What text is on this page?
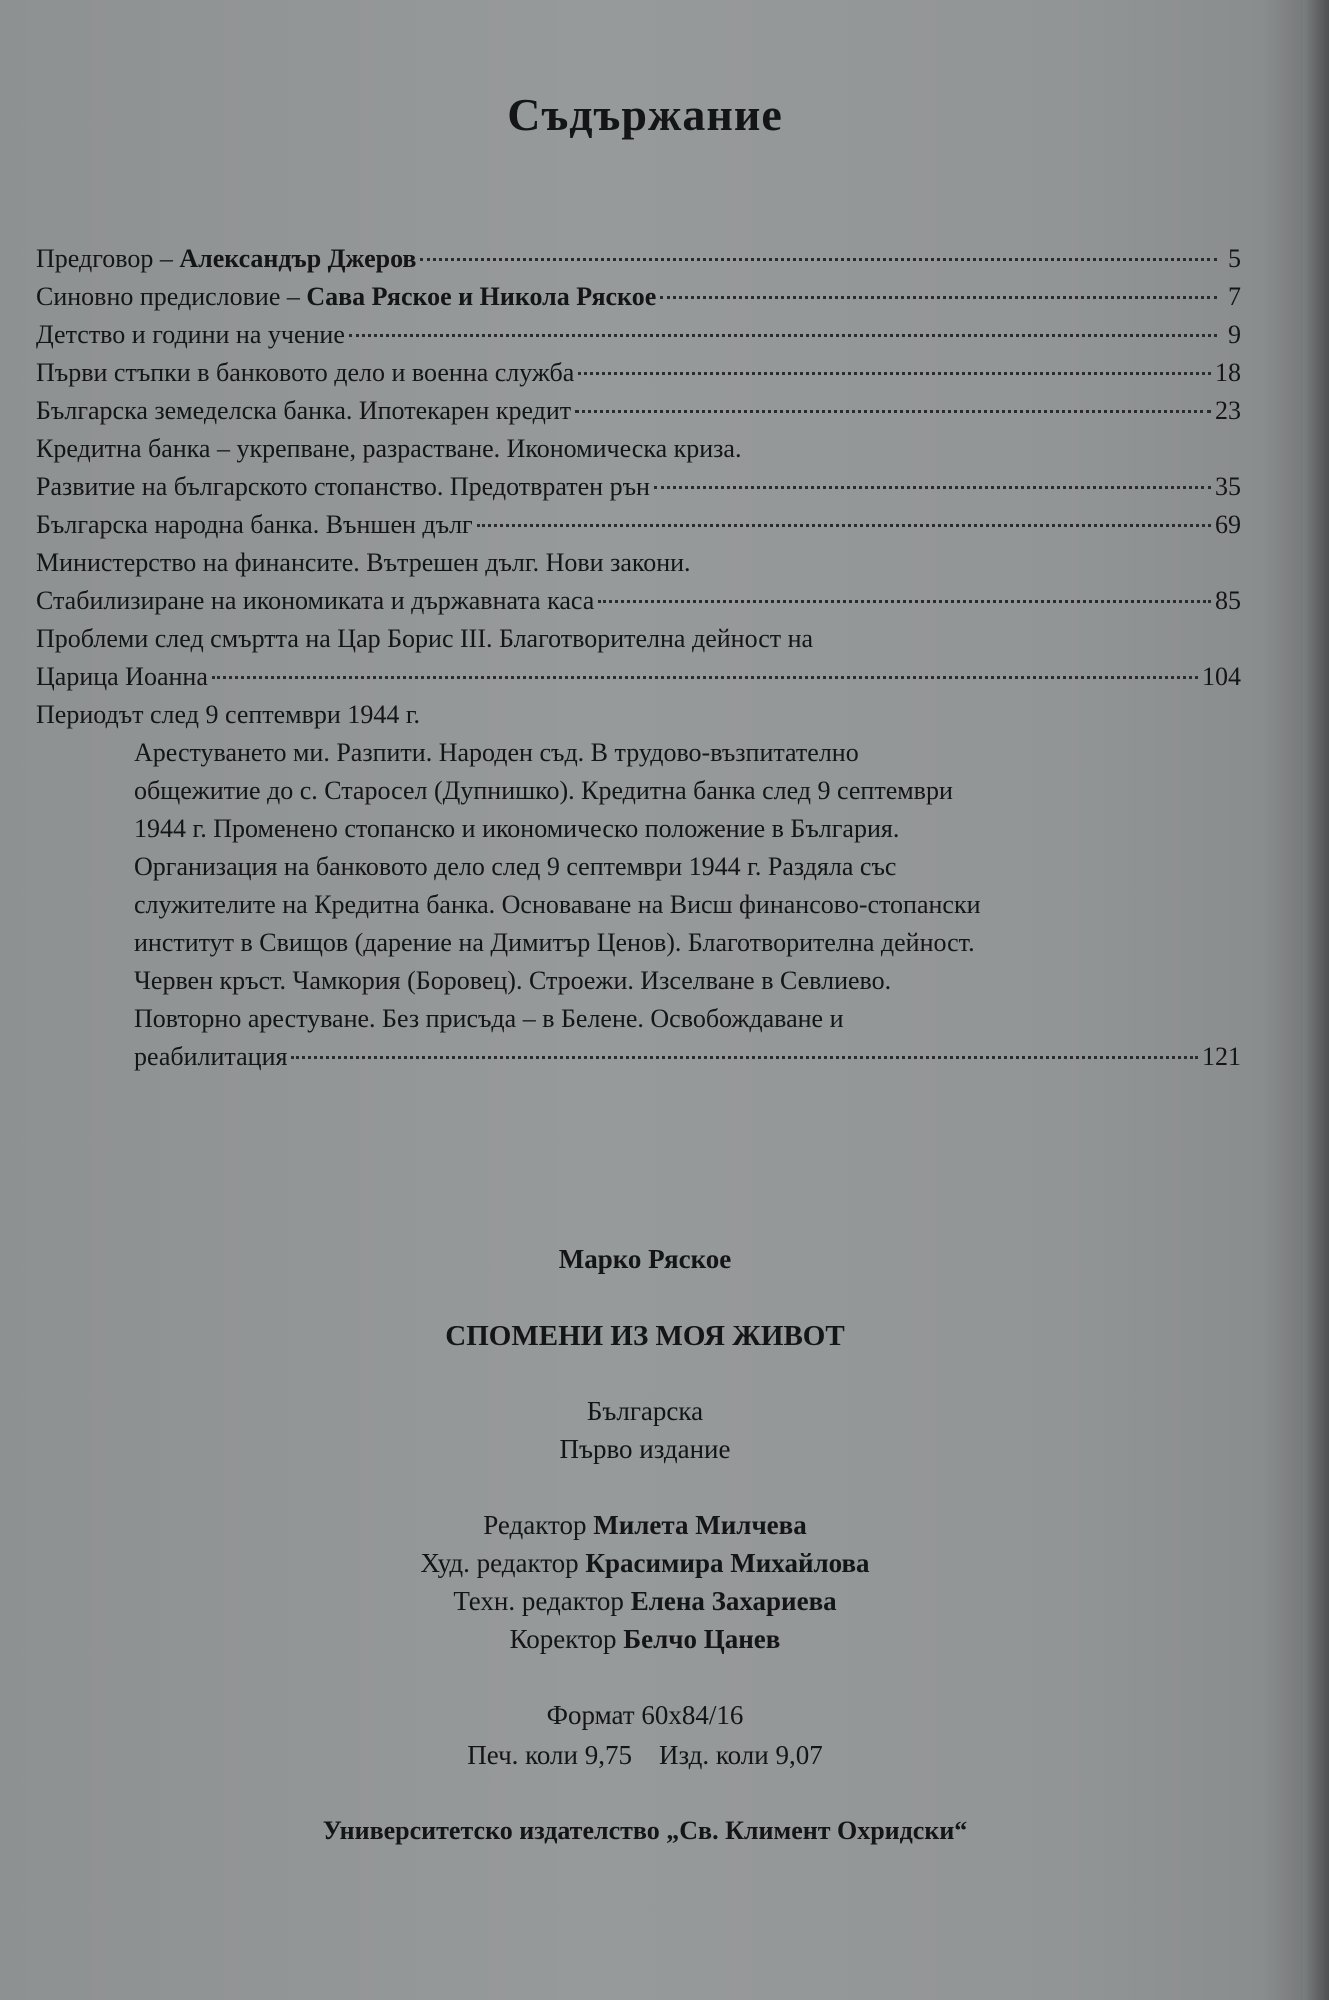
Съдържание
Предговор – Александър Джеров	5
Синовно предисловие – Сава Ряское и Никола Ряское	7
Детство и години на учение	9
Първи стъпки в банковото дело и военна служба	18
Българска земеделска банка. Ипотекарен кредит	23
Кредитна банка – укрепване, разрастване. Икономическа криза.
Развитие на българското стопанство. Предотвратен рън	35
Българска народна банка. Външен дълг	69
Министерство на финансите. Вътрешен дълг. Нови закони.
Стабилизиране на икономиката и държавната каса	85
Проблеми след смъртта на Цар Борис III. Благотворителна дейност на
Царица Иоанна	104
Периодът след 9 септември 1944 г.
Арестуването ми. Разпити. Народен съд. В трудово-възпитателно
общежитие до с. Старосел (Дупнишко). Кредитна банка след 9 септември
1944 г. Променено стопанско и икономическо положение в България.
Организация на банковото дело след 9 септември 1944 г. Раздяла със
служителите на Кредитна банка. Основаване на Висш финансово-стопански
институт в Свищов (дарение на Димитър Ценов). Благотворителна дейност.
Червен кръст. Чамкория (Боровец). Строежи. Изселване в Севлиево.
Повторно арестуване. Без присъда – в Белене. Освобождаване и
реабилитация	121
Марко Ряское
СПОМЕНИ ИЗ МОЯ ЖИВОТ
Българска
Първо издание
Редактор Милета Милчева
Худ. редактор Красимира Михайлова
Техн. редактор Елена Захариева
Коректор Белчо Цанев
Формат 60x84/16
Печ. коли 9,75    Изд. коли 9,07
Университетско издателство „Св. Климент Охридски“
